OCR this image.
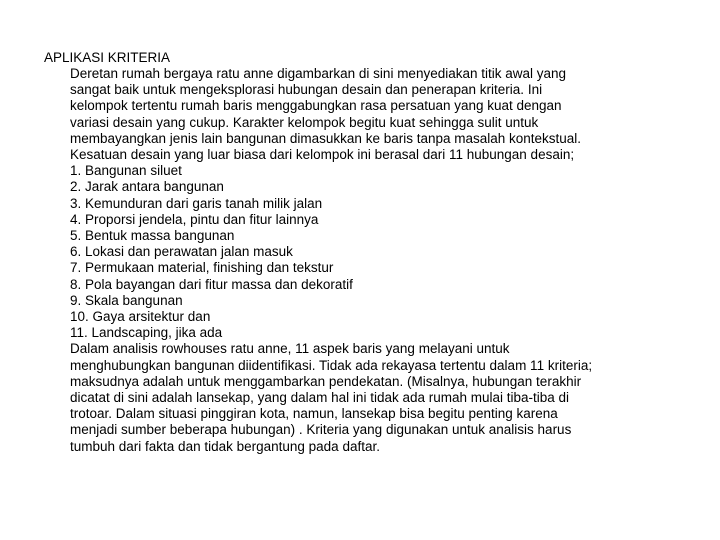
APLIKASI KRITERIA
Deretan rumah bergaya ratu anne digambarkan di sini menyediakan titik awal yang
sangat baik untuk mengeksplorasi hubungan desain dan penerapan kriteria. Ini
kelompok tertentu rumah baris menggabungkan rasa persatuan yang kuat dengan
variasi desain yang cukup. Karakter kelompok begitu kuat sehingga sulit untuk
membayangkan jenis lain bangunan dimasukkan ke baris tanpa masalah kontekstual.
Kesatuan desain yang luar biasa dari kelompok ini berasal dari 11 hubungan desain;
1. Bangunan siluet
2. Jarak antara bangunan
3. Kemunduran dari garis tanah milik jalan
4. Proporsi jendela, pintu dan fitur lainnya
5. Bentuk massa bangunan
6. Lokasi dan perawatan jalan masuk
7. Permukaan material, finishing dan tekstur
8. Pola bayangan dari fitur massa dan dekoratif
9. Skala bangunan
10. Gaya arsitektur dan
11. Landscaping, jika ada
Dalam analisis rowhouses ratu anne, 11 aspek baris yang melayani untuk
menghubungkan bangunan diidentifikasi. Tidak ada rekayasa tertentu dalam 11 kriteria;
maksudnya adalah untuk menggambarkan pendekatan. (Misalnya, hubungan terakhir
dicatat di sini adalah lansekap, yang dalam hal ini tidak ada rumah mulai tiba-tiba di
trotoar. Dalam situasi pinggiran kota, namun, lansekap bisa begitu penting karena
menjadi sumber beberapa hubungan) . Kriteria yang digunakan untuk analisis harus
tumbuh dari fakta dan tidak bergantung pada daftar.
